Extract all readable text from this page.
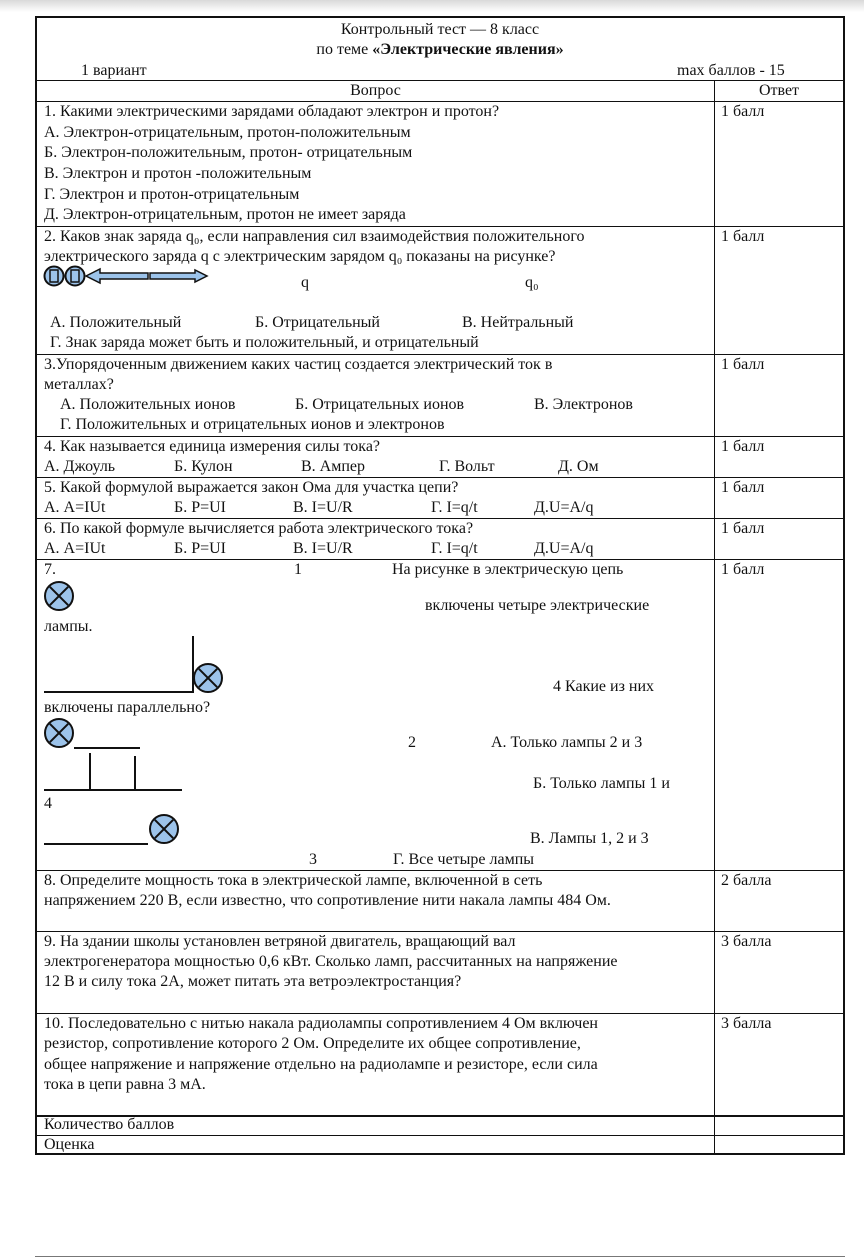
Контрольный тест — 8 класс
по теме «Электрические явления»
1 вариант	max баллов - 15
Вопрос	Ответ
1. Какими электрическими зарядами обладают электрон и протон?
А. Электрон-отрицательным, протон-положительным
Б. Электрон-положительным, протон- отрицательным
В. Электрон и протон -положительным
Г. Электрон и протон-отрицательным
Д. Электрон-отрицательным, протон не имеет заряда
1 балл
2. Каков знак заряда q₀, если направления сил взаимодействия положительного
электрического заряда q с электрическим зарядом q₀ показаны на рисунке?
q	q₀
А. Положительный	Б. Отрицательный	В. Нейтральный
Г. Знак заряда может быть и положительный, и отрицательный
1 балл
3.Упорядоченным движением каких частиц создается электрический ток в
металлах?
А. Положительных ионов	Б. Отрицательных ионов	В. Электронов
Г. Положительных и отрицательных ионов и электронов
1 балл
4. Как называется единица измерения силы тока?
А. Джоуль	Б. Кулон	В. Ампер	Г. Вольт	Д. Ом
1 балл
5. Какой формулой выражается закон Ома для участка цепи?
А. A=IUt	Б. P=UI	В. I=U/R	Г. I=q/t	Д.U=A/q
1 балл
6. По какой формуле вычисляется работа электрического тока?
А. A=IUt	Б. P=UI	В. I=U/R	Г. I=q/t	Д.U=A/q
1 балл
7.	1	На рисунке в электрическую цепь
включены четыре электрические
лампы.
4 Какие из них
включены параллельно?
2	А. Только лампы 2 и 3
Б. Только лампы 1 и
4
В. Лампы 1, 2 и 3
3	Г. Все четыре лампы
1 балл
8. Определите мощность тока в электрической лампе, включенной в сеть
напряжением 220 В, если известно, что сопротивление нити накала лампы 484 Ом.
2 балла
9. На здании школы установлен ветряной двигатель, вращающий вал
электрогенератора мощностью 0,6 кВт. Сколько ламп, рассчитанных на напряжение
12 В и силу тока 2А, может питать эта ветроэлектростанция?
3 балла
10. Последовательно с нитью накала радиолампы сопротивлением 4 Ом включен
резистор, сопротивление которого 2 Ом. Определите их общее сопротивление,
общее напряжение и напряжение отдельно на радиолампе и резисторе, если сила
тока в цепи равна 3 мА.
3 балла
Количество баллов
Оценка
